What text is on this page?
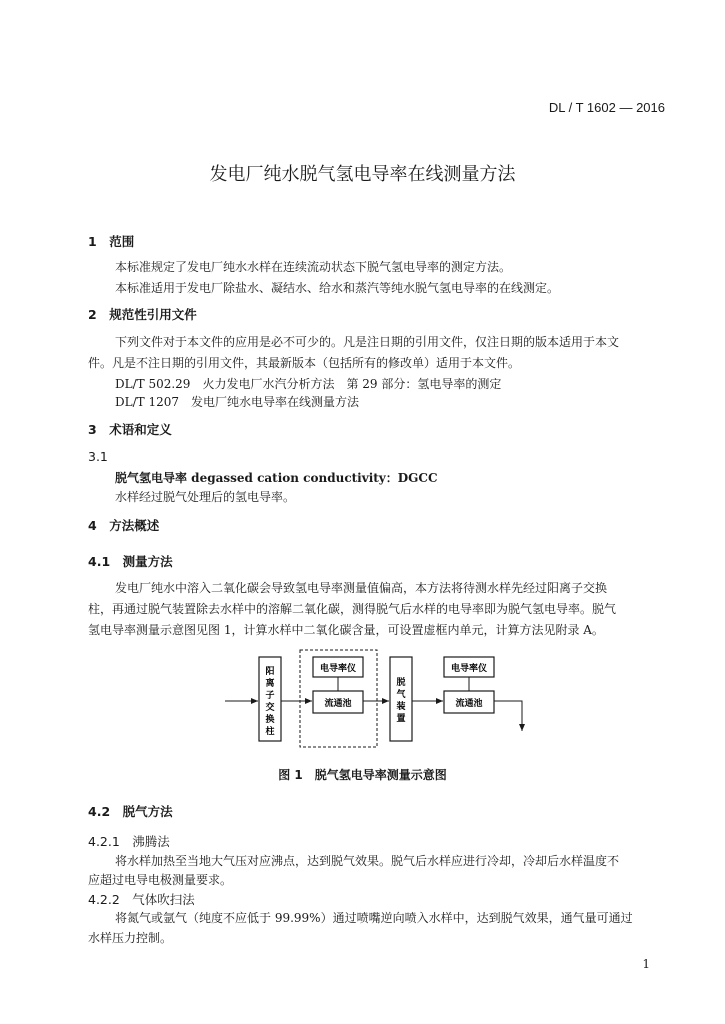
DL / T 1602 — 2016
发电厂纯水脱气氢电导率在线测量方法
1　范围
本标准规定了发电厂纯水水样在连续流动状态下脱气氢电导率的测定方法。
本标准适用于发电厂除盐水、凝结水、给水和蒸汽等纯水脱气氢电导率的在线测定。
2　规范性引用文件
下列文件对于本文件的应用是必不可少的。凡是注日期的引用文件，仅注日期的版本适用于本文
件。凡是不注日期的引用文件，其最新版本（包括所有的修改单）适用于本文件。
DL/T 502.29　火力发电厂水汽分析方法　第 29 部分：氢电导率的测定
DL/T 1207　发电厂纯水电导率在线测量方法
3　术语和定义
3.1
脱气氢电导率 degassed cation conductivity：DGCC
水样经过脱气处理后的氢电导率。
4　方法概述
4.1　测量方法
发电厂纯水中溶入二氧化碳会导致氢电导率测量值偏高，本方法将待测水样先经过阳离子交换
柱，再通过脱气装置除去水样中的溶解二氧化碳，测得脱气后水样的电导率即为脱气氢电导率。脱气
氢电导率测量示意图见图 1，计算水样中二氧化碳含量，可设置虚框内单元，计算方法见附录 A。
阳
离
子
交
换
柱
电导率仪
流通池
脱
气
装
置
电导率仪
流通池
图 1　脱气氢电导率测量示意图
4.2　脱气方法
4.2.1　沸腾法
将水样加热至当地大气压对应沸点，达到脱气效果。脱气后水样应进行冷却，冷却后水样温度不
应超过电导电极测量要求。
4.2.2　气体吹扫法
将氮气或氩气（纯度不应低于 99.99%）通过喷嘴逆向喷入水样中，达到脱气效果，通气量可通过
水样压力控制。
1
